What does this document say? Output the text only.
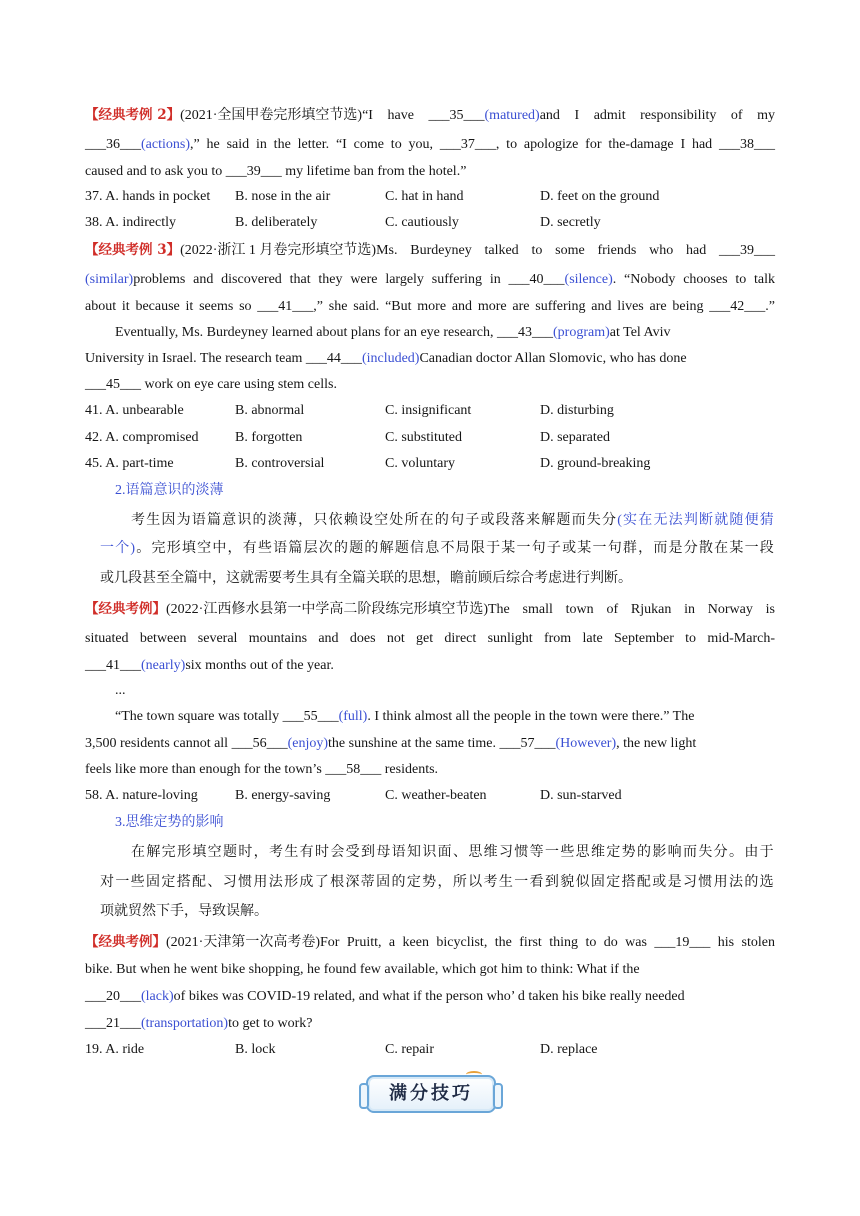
【经典考例 2】(2021·全国甲卷完形填空节选)“I have ___35___(matured)and I admit responsibility of my
___36___(actions),” he said in the letter. “I come to you, ___37___, to apologize for the-damage I had ___38___
caused and to ask you to ___39___ my lifetime ban from the hotel.”
37. A. hands in pocket B. nose in the air	C. hat in hand	D. feet on the ground
38. A. indirectly	B. deliberately	C. cautiously	D. secretly
【经典考例 3】(2022·浙江 1 月卷完形填空节选)Ms. Burdeyney talked to some friends who had ___39___
(similar)problems and discovered that they were largely suffering in ___40___(silence). “Nobody chooses to talk
about it because it seems so ___41___,” she said. “But more and more are suffering and lives are being ___42___.”
Eventually, Ms. Burdeyney learned about plans for an eye research, ___43___(program)at Tel Aviv
University in Israel. The research team ___44___(included)Canadian doctor Allan Slomovic, who has done
___45___ work on eye care using stem cells.
41. A. unbearable	B. abnormal	C. insignificant	D. disturbing
42. A. compromised	B. forgotten	C. substituted	D. separated
45. A. part-time	B. controversial	C. voluntary	D. ground-breaking
2.语篇意识的淡薄
考生因为语篇意识的淡薄，只依赖设空处所在的句子或段落来解题而失分(实在无法判断就随便猜
一个)。完形填空中，有些语篇层次的题的解题信息不局限于某一句子或某一句群，而是分散在某一段
或几段甚至全篇中，这就需要考生具有全篇关联的思想，瞻前顾后综合考虑进行判断。
【经典考例】(2022·江西修水县第一中学高二阶段练完形填空节选)The small town of Rjukan in Norway is
situated between several mountains and does not get direct sunlight from late September to mid-March-
___41___(nearly)six months out of the year.
...
“The town square was totally ___55___(full). I think almost all the people in the town were there.” The
3,500 residents cannot all ___56___(enjoy)the sunshine at the same time. ___57___(However), the new light
feels like more than enough for the town’s ___58___ residents.
58. A. nature-loving	B. energy-saving	C. weather-beaten	D. sun-starved
3.思维定势的影响
在解完形填空题时，考生有时会受到母语知识面、思维习惯等一些思维定势的影响而失分。由于
对一些固定搭配、习惯用法形成了根深蒂固的定势，所以考生一看到貌似固定搭配或是习惯用法的选
项就贸然下手，导致误解。
【经典考例】(2021·天津第一次高考卷)For Pruitt, a keen bicyclist, the first thing to do was ___19___ his stolen
bike. But when he went bike shopping, he found few available, which got him to think: What if the
___20___(lack)of bikes was COVID-19 related, and what if the person who’ d taken his bike really needed
___21___(transportation)to get to work?
19. A. ride	B. lock	C. repair	D. replace
满分技巧
